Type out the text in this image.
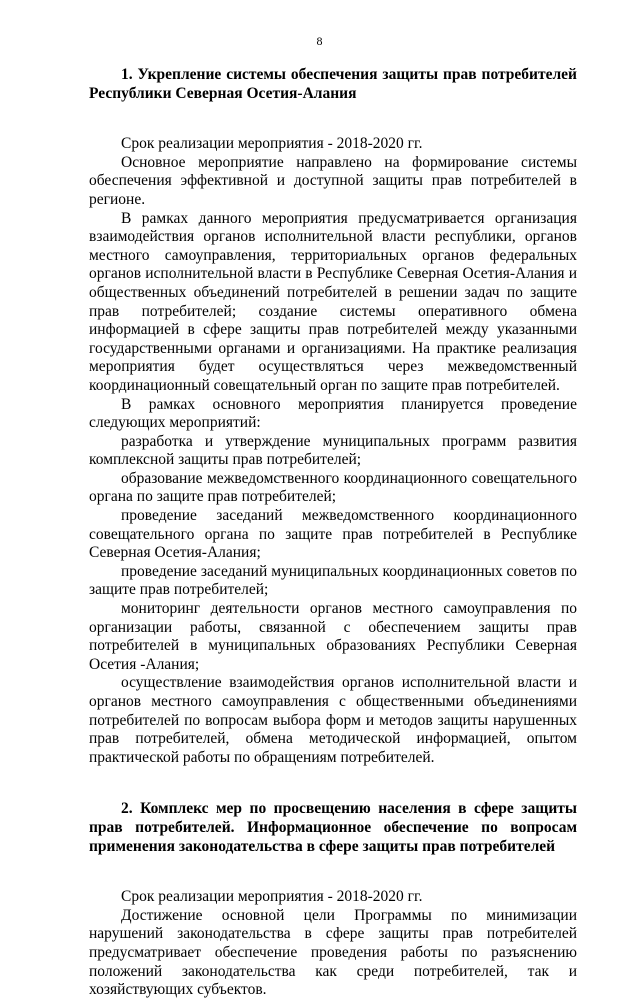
8

1. Укрепление системы обеспечения защиты прав потребителей Республики Северная Осетия-Алания

Срок реализации мероприятия - 2018-2020 гг.

Основное мероприятие направлено на формирование системы обеспечения эффективной и доступной защиты прав потребителей в регионе.

В рамках данного мероприятия предусматривается организация взаимодействия органов исполнительной власти республики, органов местного самоуправления, территориальных органов федеральных органов исполнительной власти в Республике Северная Осетия-Алания и общественных объединений потребителей в решении задач по защите прав потребителей; создание системы оперативного обмена информацией в сфере защиты прав потребителей между указанными государственными органами и организациями. На практике реализация мероприятия будет осуществляться через межведомственный координационный совещательный орган по защите прав потребителей.

В рамках основного мероприятия планируется проведение следующих мероприятий:

разработка и утверждение муниципальных программ развития комплексной защиты прав потребителей;

образование межведомственного координационного совещательного органа по защите прав потребителей;

проведение заседаний межведомственного координационного совещательного органа по защите прав потребителей в Республике Северная Осетия-Алания;

проведение заседаний муниципальных координационных советов по защите прав потребителей;

мониторинг деятельности органов местного самоуправления по организации работы, связанной с обеспечением защиты прав потребителей в муниципальных образованиях Республики Северная Осетия -Алания;

осуществление взаимодействия органов исполнительной власти и органов местного самоуправления с общественными объединениями потребителей по вопросам выбора форм и методов защиты нарушенных прав потребителей, обмена методической информацией, опытом практической работы по обращениям потребителей.

2. Комплекс мер по просвещению населения в сфере защиты прав потребителей. Информационное обеспечение по вопросам применения законодательства в сфере защиты прав потребителей

Срок реализации мероприятия - 2018-2020 гг.

Достижение основной цели Программы по минимизации нарушений законодательства в сфере защиты прав потребителей предусматривает обеспечение проведения работы по разъяснению положений законодательства как среди потребителей, так и хозяйствующих субъектов.
